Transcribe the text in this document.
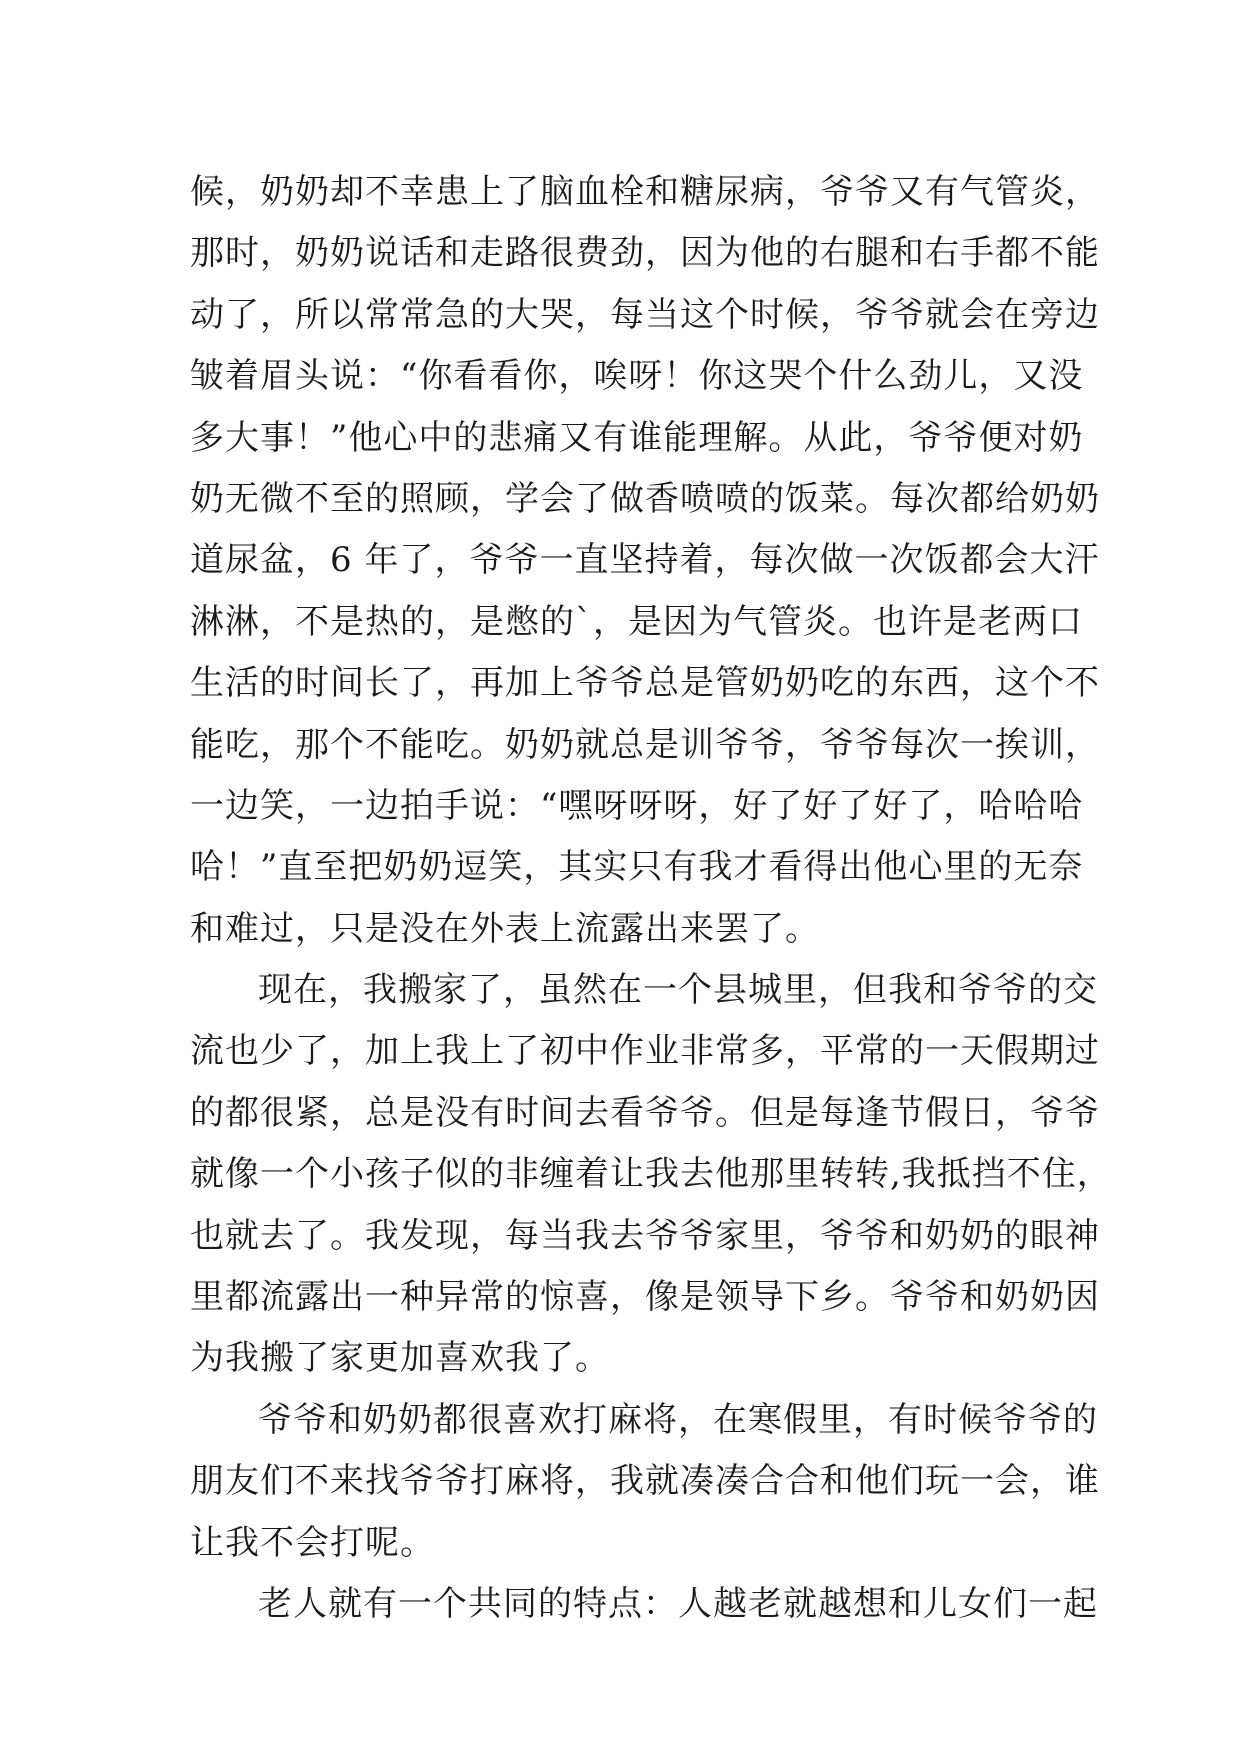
候，奶奶却不幸患上了脑血栓和糖尿病，爷爷又有气管炎，
那时，奶奶说话和走路很费劲，因为他的右腿和右手都不能
动了，所以常常急的大哭，每当这个时候，爷爷就会在旁边
皱着眉头说：“你看看你，唉呀！你这哭个什么劲儿，又没
多大事！”他心中的悲痛又有谁能理解。从此，爷爷便对奶
奶无微不至的照顾，学会了做香喷喷的饭菜。每次都给奶奶
道尿盆，6 年了，爷爷一直坚持着，每次做一次饭都会大汗
淋淋，不是热的，是憋的`，是因为气管炎。也许是老两口
生活的时间长了，再加上爷爷总是管奶奶吃的东西，这个不
能吃，那个不能吃。奶奶就总是训爷爷，爷爷每次一挨训，
一边笑，一边拍手说：“嘿呀呀呀，好了好了好了，哈哈哈
哈！”直至把奶奶逗笑，其实只有我才看得出他心里的无奈
和难过，只是没在外表上流露出来罢了。
现在，我搬家了，虽然在一个县城里，但我和爷爷的交
流也少了，加上我上了初中作业非常多，平常的一天假期过
的都很紧，总是没有时间去看爷爷。但是每逢节假日，爷爷
就像一个小孩子似的非缠着让我去他那里转转,我抵挡不住，
也就去了。我发现，每当我去爷爷家里，爷爷和奶奶的眼神
里都流露出一种异常的惊喜，像是领导下乡。爷爷和奶奶因
为我搬了家更加喜欢我了。
爷爷和奶奶都很喜欢打麻将，在寒假里，有时候爷爷的
朋友们不来找爷爷打麻将，我就凑凑合合和他们玩一会，谁
让我不会打呢。
老人就有一个共同的特点：人越老就越想和儿女们一起
